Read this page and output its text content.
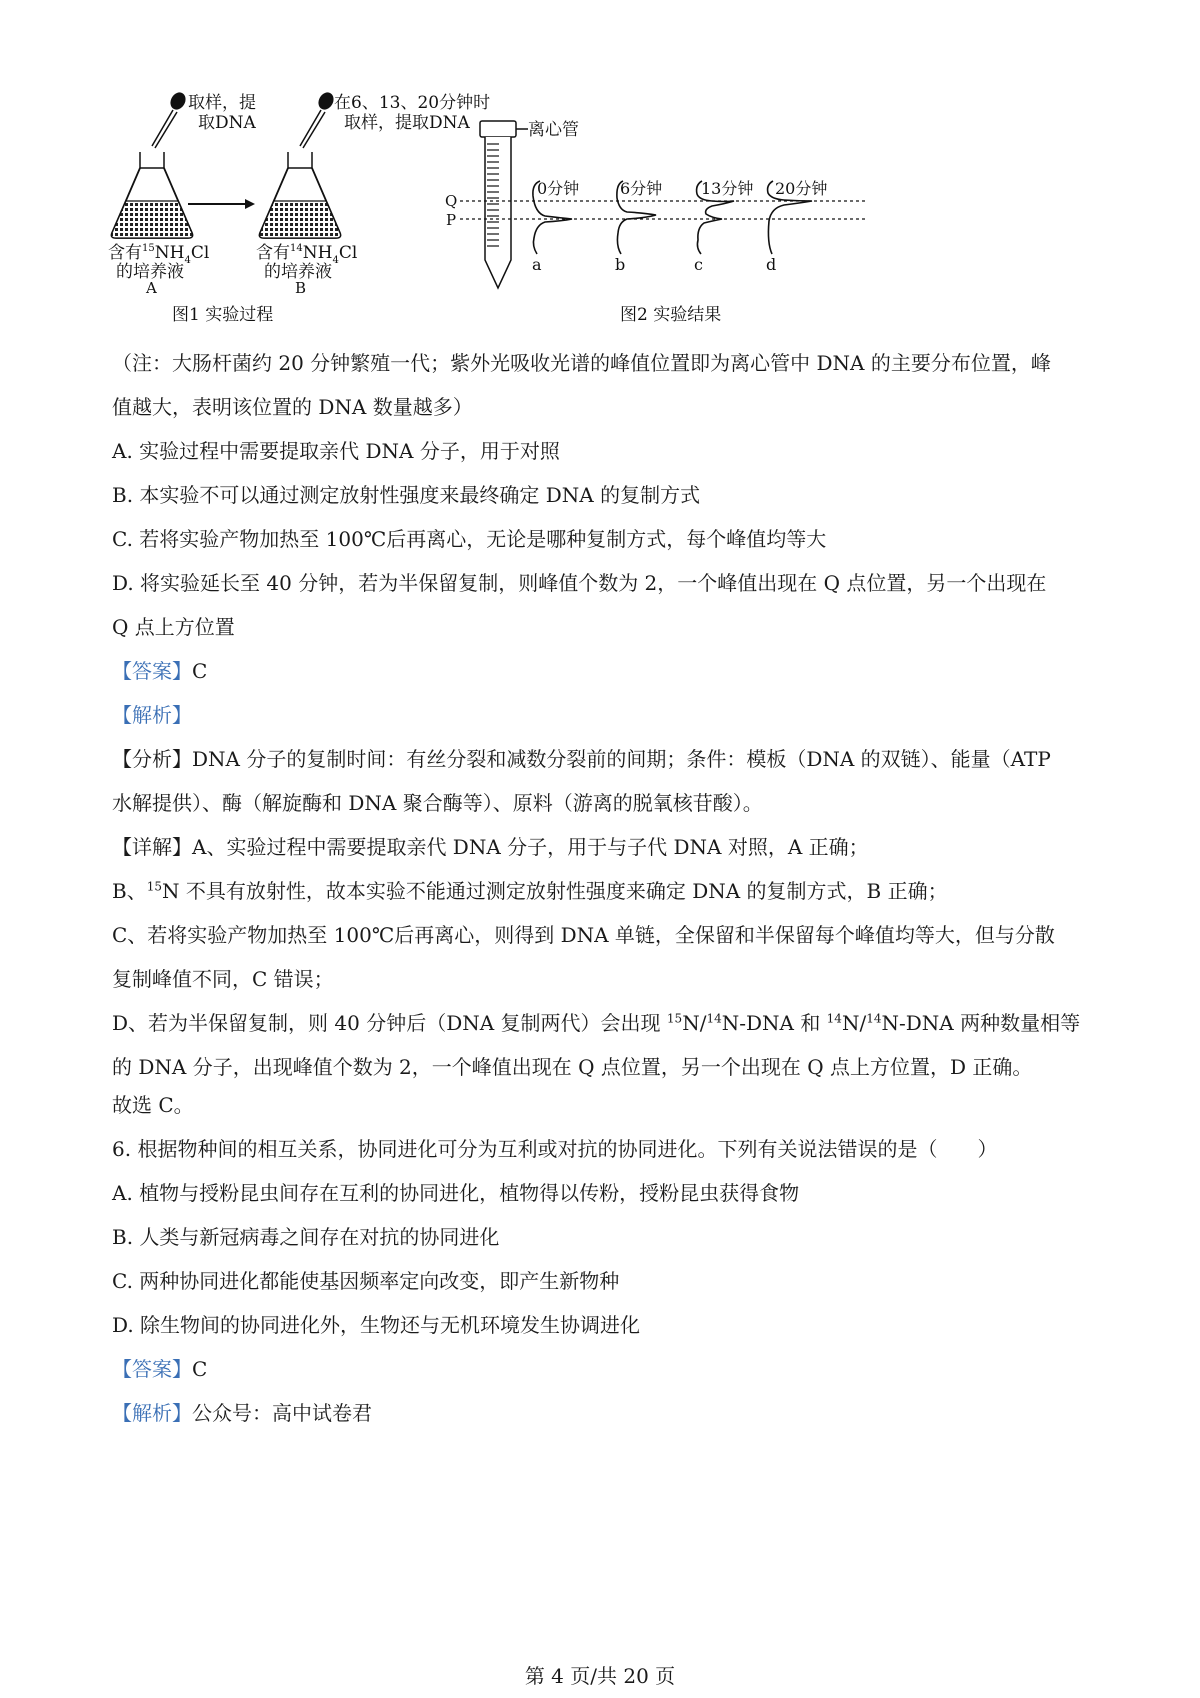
取样，提
取DNA
含有$^{15}NH_4Cl$
的培养液
A
在6、13、20分钟时
取样，提取DNA
含有$^{14}NH_4Cl$
的培养液
B
图1 实验过程
离心管
Q
P
0分钟
a
6分钟
b
13分钟
c
20分钟
d
图2 实验结果

（注：大肠杆菌约 20 分钟繁殖一代；紫外光吸收光谱的峰值位置即为离心管中 DNA 的主要分布位置，峰

值越大，表明该位置的 DNA 数量越多）

A. 实验过程中需要提取亲代 DNA 分子，用于对照

B. 本实验不可以通过测定放射性强度来最终确定 DNA 的复制方式

C. 若将实验产物加热至 100℃后再离心，无论是哪种复制方式，每个峰值均等大

D. 将实验延长至 40 分钟，若为半保留复制，则峰值个数为 2，一个峰值出现在 Q 点位置，另一个出现在

Q 点上方位置

【答案】C

【解析】

【分析】DNA 分子的复制时间：有丝分裂和减数分裂前的间期；条件：模板（DNA 的双链）、能量（ATP

水解提供）、酶（解旋酶和 DNA 聚合酶等）、原料（游离的脱氧核苷酸）。

【详解】A、实验过程中需要提取亲代 DNA 分子，用于与子代 DNA 对照，A 正确；

B、$^{15}$N 不具有放射性，故本实验不能通过测定放射性强度来确定 DNA 的复制方式，B 正确；

C、若将实验产物加热至 100℃后再离心，则得到 DNA 单链，全保留和半保留每个峰值均等大，但与分散

复制峰值不同，C 错误；

D、若为半保留复制，则 40 分钟后（DNA 复制两代）会出现 $^{15}$N/$^{14}$N-DNA 和 $^{14}$N/$^{14}$N-DNA 两种数量相等

的 DNA 分子，出现峰值个数为 2，一个峰值出现在 Q 点位置，另一个出现在 Q 点上方位置，D 正确。

故选 C。

6. 根据物种间的相互关系，协同进化可分为互利或对抗的协同进化。下列有关说法错误的是（　　）

A. 植物与授粉昆虫间存在互利的协同进化，植物得以传粉，授粉昆虫获得食物

B. 人类与新冠病毒之间存在对抗的协同进化

C. 两种协同进化都能使基因频率定向改变，即产生新物种

D. 除生物间的协同进化外，生物还与无机环境发生协调进化

【答案】C

【解析】公众号：高中试卷君

第 4 页/共 20 页
